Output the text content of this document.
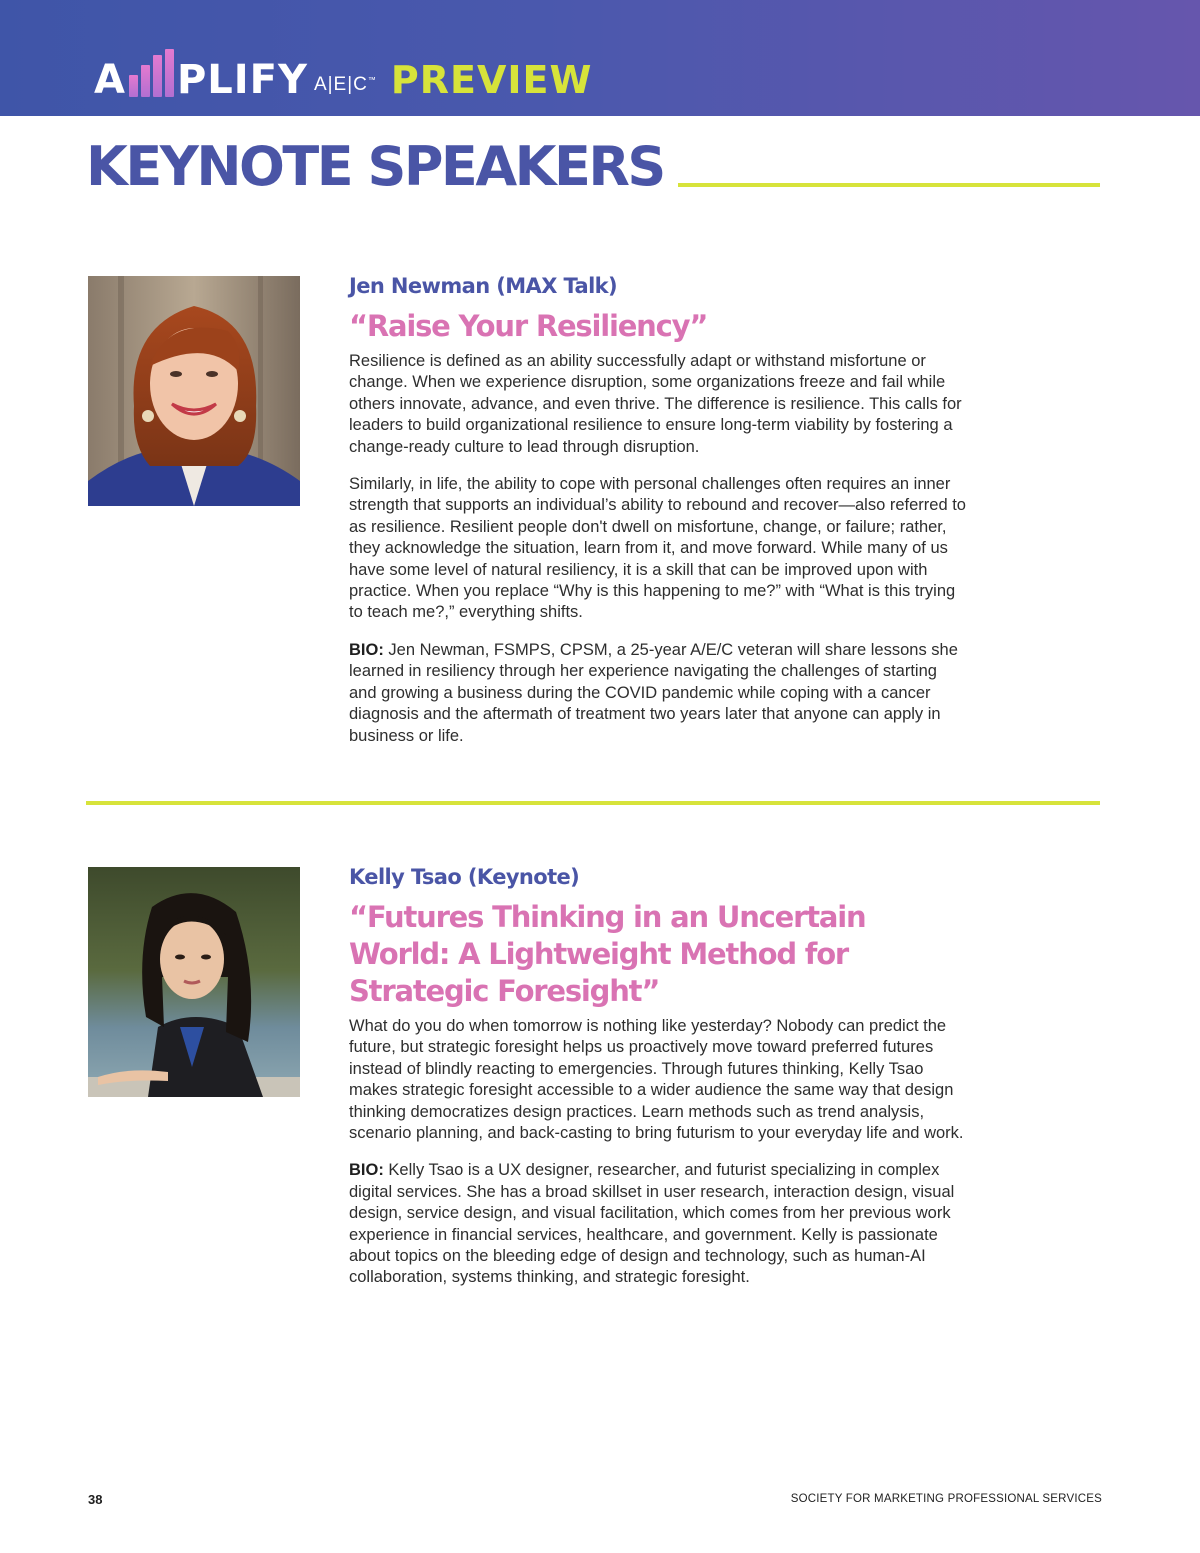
A PLIFY A|E|C™ PREVIEW
KEYNOTE SPEAKERS
Jen Newman (MAX Talk)
“Raise Your Resiliency”

Resilience is defined as an ability successfully adapt or withstand misfortune or change. When we experience disruption, some organizations freeze and fail while others innovate, advance, and even thrive. The difference is resilience. This calls for leaders to build organizational resilience to ensure long-term viability by fostering a change-ready culture to lead through disruption.

Similarly, in life, the ability to cope with personal challenges often requires an inner strength that supports an individual’s ability to rebound and recover—also referred to as resilience. Resilient people don't dwell on misfortune, change, or failure; rather, they acknowledge the situation, learn from it, and move forward. While many of us have some level of natural resiliency, it is a skill that can be improved upon with practice. When you replace “Why is this happening to me?” with “What is this trying to teach me?,” everything shifts.

BIO: Jen Newman, FSMPS, CPSM, a 25-year A/E/C veteran will share lessons she learned in resiliency through her experience navigating the challenges of starting and growing a business during the COVID pandemic while coping with a cancer diagnosis and the aftermath of treatment two years later that anyone can apply in business or life.

Kelly Tsao (Keynote)
“Futures Thinking in an Uncertain World: A Lightweight Method for Strategic Foresight”

What do you do when tomorrow is nothing like yesterday? Nobody can predict the future, but strategic foresight helps us proactively move toward preferred futures instead of blindly reacting to emergencies. Through futures thinking, Kelly Tsao makes strategic foresight accessible to a wider audience the same way that design thinking democratizes design practices. Learn methods such as trend analysis, scenario planning, and back-casting to bring futurism to your everyday life and work.

BIO: Kelly Tsao is a UX designer, researcher, and futurist specializing in complex digital services. She has a broad skillset in user research, interaction design, visual design, service design, and visual facilitation, which comes from her previous work experience in financial services, healthcare, and government. Kelly is passionate about topics on the bleeding edge of design and technology, such as human-AI collaboration, systems thinking, and strategic foresight.

38	SOCIETY FOR MARKETING PROFESSIONAL SERVICES
